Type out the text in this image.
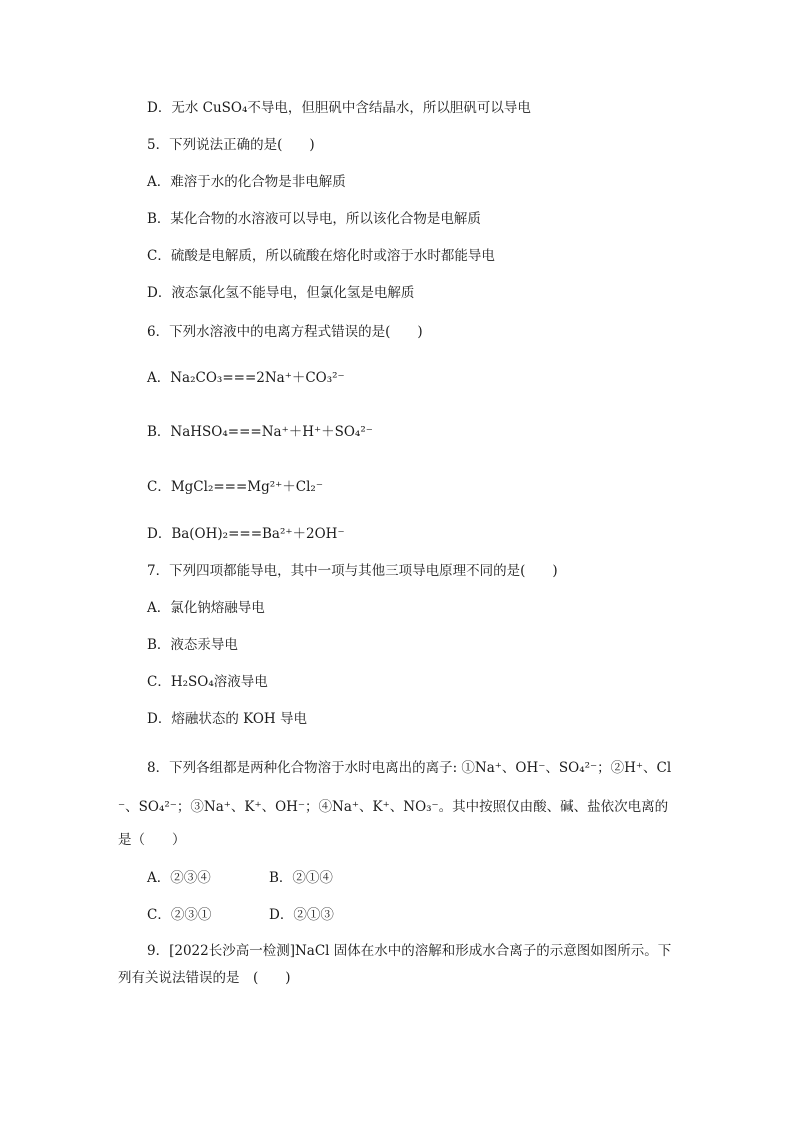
D．无水 CuSO₄不导电，但胆矾中含结晶水，所以胆矾可以导电
5．下列说法正确的是(　　)
A．难溶于水的化合物是非电解质
B．某化合物的水溶液可以导电，所以该化合物是电解质
C．硫酸是电解质，所以硫酸在熔化时或溶于水时都能导电
D．液态氯化氢不能导电，但氯化氢是电解质
6．下列水溶液中的电离方程式错误的是(　　)
A．Na₂CO₃===2Na⁺＋CO₃²⁻
B．NaHSO₄===Na⁺＋H⁺＋SO₄²⁻
C．MgCl₂===Mg²⁺＋Cl₂⁻
D．Ba(OH)₂===Ba²⁺＋2OH⁻
7．下列四项都能导电，其中一项与其他三项导电原理不同的是(　　)
A．氯化钠熔融导电
B．液态汞导电
C．H₂SO₄溶液导电
D．熔融状态的 KOH 导电
8．下列各组都是两种化合物溶于水时电离出的离子: ①Na⁺、OH⁻、SO₄²⁻；②H⁺、Cl
⁻、SO₄²⁻；③Na⁺、K⁺、OH⁻；④Na⁺、K⁺、NO₃⁻。其中按照仅由酸、碱、盐依次电离的
是（　　）
A．②③④	B．②①④
C．②③①	D．②①③
9．[2022长沙高一检测]NaCl 固体在水中的溶解和形成水合离子的示意图如图所示。下
列有关说法错误的是　(　　)
